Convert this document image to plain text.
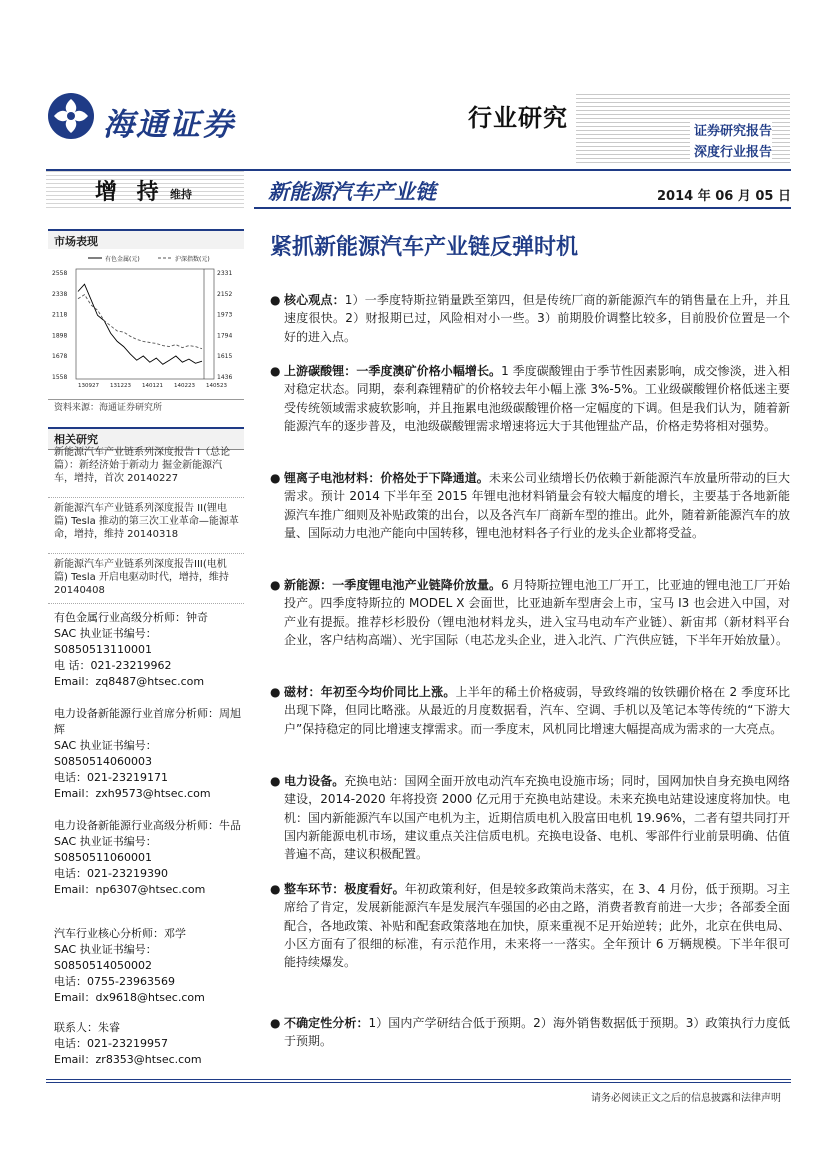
海通证券	行业研究	证券研究报告
深度行业报告
增 持 维持	新能源汽车产业链	2014 年 06 月 05 日
市场表现
有色金属(元)	沪深指数(元)
2558	2331
2338	2152
2118	1973
1898	1794
1678	1615
1558	1436
130927 131223 140121 140223 140523
资料来源：海通证券研究所
相关研究
新能源汽车产业链系列深度报告 I（总论篇）：新经济始于新动力 掘金新能源汽车，增持，首次 20140227
新能源汽车产业链系列深度报告 II(锂电篇) Tesla 推动的第三次工业革命—能源革命，增持，维持 20140318
新能源汽车产业链系列深度报告III(电机篇) Tesla 开启电驱动时代，增持，维持 20140408
有色金属行业高级分析师：钟奇
SAC 执业证书编号：
S0850513110001
电 话：021-23219962
Email：zq8487@htsec.com
电力设备新能源行业首席分析师：周旭辉
SAC 执业证书编号：
S0850514060003
电话：021-23219171
Email：zxh9573@htsec.com
电力设备新能源行业高级分析师：牛品
SAC 执业证书编号：
S0850511060001
电话：021-23219390
Email：np6307@htsec.com
汽车行业核心分析师：邓学
SAC 执业证书编号：
S0850514050002
电话：0755-23963569
Email：dx9618@htsec.com
联系人：朱睿
电话：021-23219957
Email：zr8353@htsec.com
紧抓新能源汽车产业链反弹时机
● 核心观点：1）一季度特斯拉销量跌至第四，但是传统厂商的新能源汽车的销售量在上升，并且速度很快。2）财报期已过，风险相对小一些。3）前期股价调整比较多，目前股价位置是一个好的进入点。
● 上游碳酸锂：一季度澳矿价格小幅增长。1 季度碳酸锂由于季节性因素影响，成交惨淡，进入相对稳定状态。同期，泰利森锂精矿的价格较去年小幅上涨 3%-5%。工业级碳酸锂价格低迷主要受传统领域需求疲软影响，并且拖累电池级碳酸锂价格一定幅度的下调。但是我们认为，随着新能源汽车的逐步普及，电池级碳酸锂需求增速将远大于其他锂盐产品，价格走势将相对强势。
● 锂离子电池材料：价格处于下降通道。未来公司业绩增长仍依赖于新能源汽车放量所带动的巨大需求。预计 2014 下半年至 2015 年锂电池材料销量会有较大幅度的增长，主要基于各地新能源汽车推广细则及补贴政策的出台，以及各汽车厂商新车型的推出。此外，随着新能源汽车的放量、国际动力电池产能向中国转移，锂电池材料各子行业的龙头企业都将受益。
● 新能源：一季度锂电池产业链降价放量。6 月特斯拉锂电池工厂开工，比亚迪的锂电池工厂开始投产。四季度特斯拉的 MODEL X 会面世，比亚迪新车型唐会上市，宝马 I3 也会进入中国，对产业有提振。推荐杉杉股份（锂电池材料龙头，进入宝马电动车产业链）、新宙邦（新材料平台企业，客户结构高端）、光宇国际（电芯龙头企业，进入北汽、广汽供应链，下半年开始放量）。
● 磁材：年初至今均价同比上涨。上半年的稀土价格疲弱，导致终端的钕铁硼价格在 2 季度环比出现下降，但同比略涨。从最近的月度数据看，汽车、空调、手机以及笔记本等传统的“下游大户”保持稳定的同比增速支撑需求。而一季度末，风机同比增速大幅提高成为需求的一大亮点。
● 电力设备。充换电站：国网全面开放电动汽车充换电设施市场；同时，国网加快自身充换电网络建设，2014-2020 年将投资 2000 亿元用于充换电站建设。未来充换电站建设速度将加快。电机：国内新能源汽车以国产电机为主，近期信质电机入股富田电机 19.96%，二者有望共同打开国内新能源电机市场，建议重点关注信质电机。充换电设备、电机、零部件行业前景明确、估值普遍不高，建议积极配置。
● 整车环节：极度看好。年初政策利好，但是较多政策尚未落实，在 3、4 月份，低于预期。习主席给了肯定，发展新能源汽车是发展汽车强国的必由之路，消费者教育前进一大步；各部委全面配合，各地政策、补贴和配套政策落地在加快，原来重视不足开始逆转；此外，北京在供电局、小区方面有了很细的标准，有示范作用，未来将一一落实。全年预计 6 万辆规模。下半年很可能持续爆发。
● 不确定性分析：1）国内产学研结合低于预期。2）海外销售数据低于预期。3）政策执行力度低于预期。
请务必阅读正文之后的信息披露和法律声明
